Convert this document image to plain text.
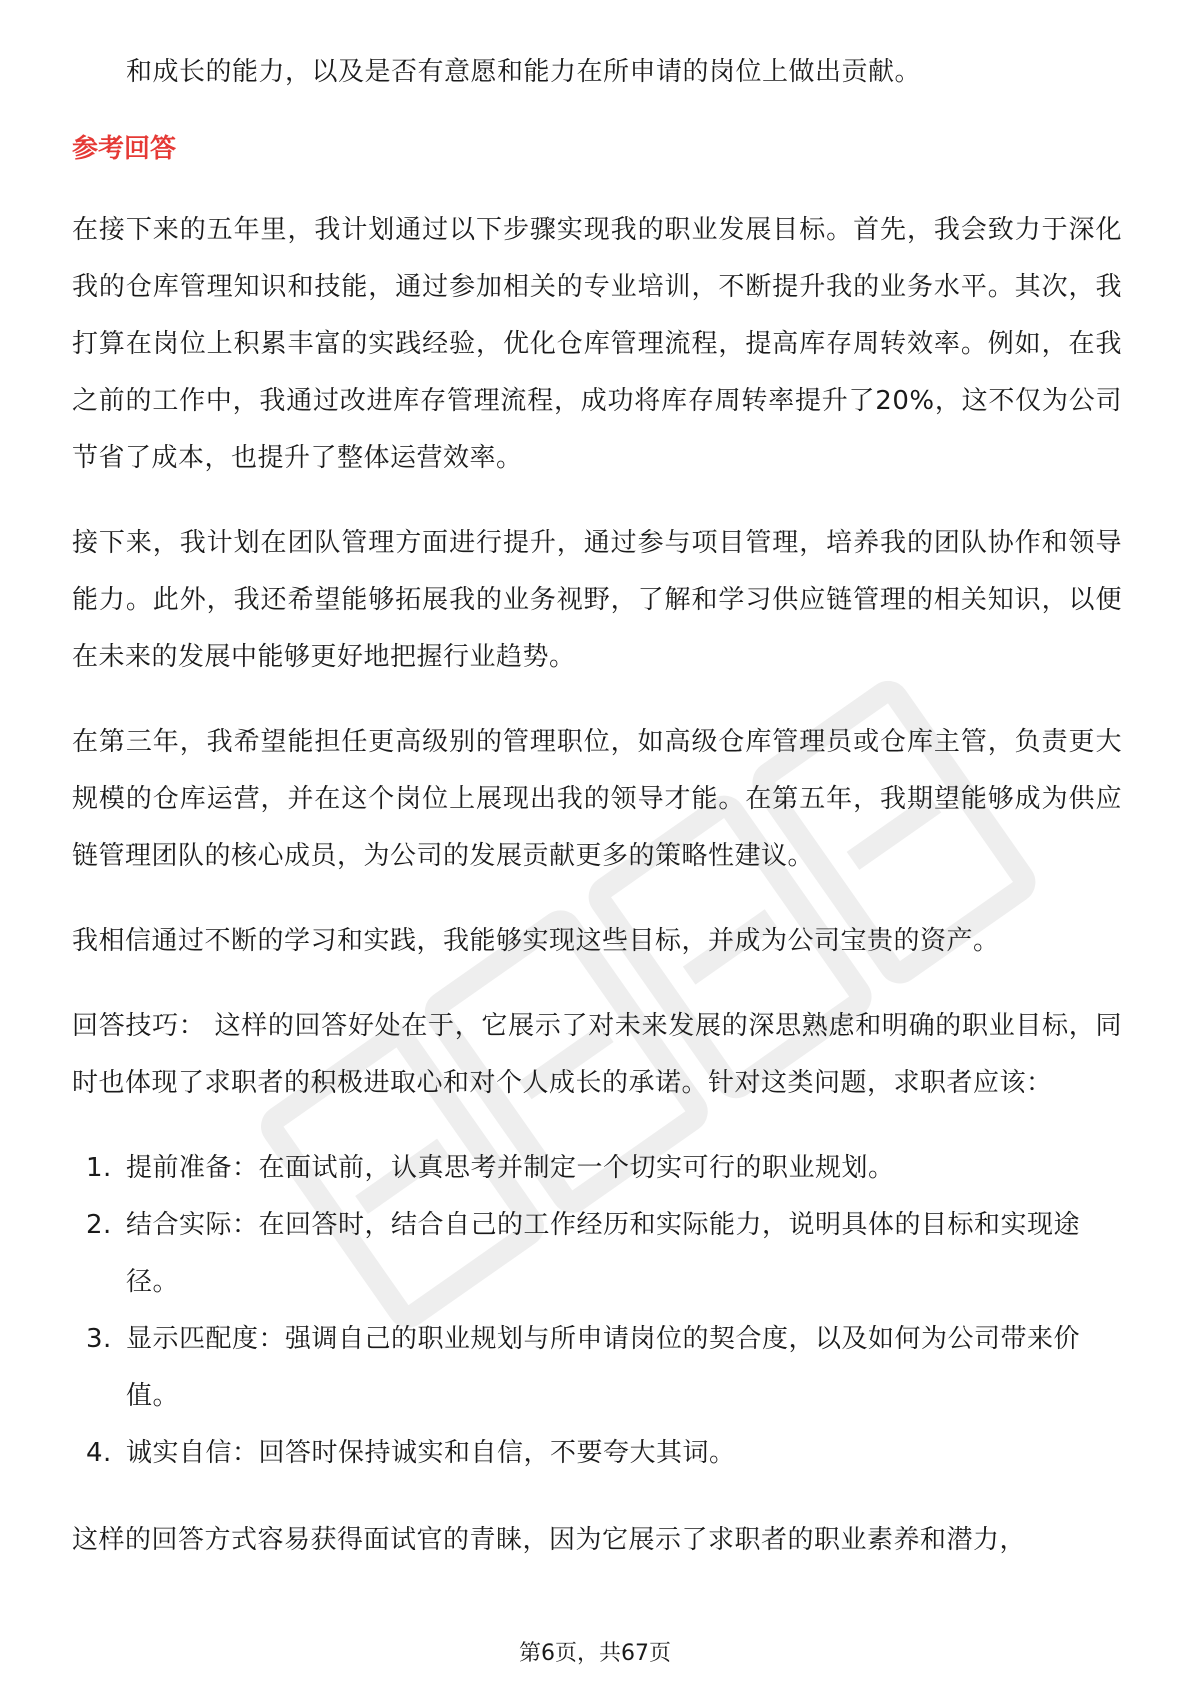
和成长的能力，以及是否有意愿和能力在所申请的岗位上做出贡献。

参考回答

在接下来的五年里，我计划通过以下步骤实现我的职业发展目标。首先，我会致力于深化我的仓库管理知识和技能，通过参加相关的专业培训，不断提升我的业务水平。其次，我打算在岗位上积累丰富的实践经验，优化仓库管理流程，提高库存周转效率。例如，在我之前的工作中，我通过改进库存管理流程，成功将库存周转率提升了20%，这不仅为公司节省了成本，也提升了整体运营效率。

接下来，我计划在团队管理方面进行提升，通过参与项目管理，培养我的团队协作和领导能力。此外，我还希望能够拓展我的业务视野，了解和学习供应链管理的相关知识，以便在未来的发展中能够更好地把握行业趋势。

在第三年，我希望能担任更高级别的管理职位，如高级仓库管理员或仓库主管，负责更大规模的仓库运营，并在这个岗位上展现出我的领导才能。在第五年，我期望能够成为供应链管理团队的核心成员，为公司的发展贡献更多的策略性建议。

我相信通过不断的学习和实践，我能够实现这些目标，并成为公司宝贵的资产。

回答技巧： 这样的回答好处在于，它展示了对未来发展的深思熟虑和明确的职业目标，同时也体现了求职者的积极进取心和对个人成长的承诺。针对这类问题，求职者应该：

1. 提前准备：在面试前，认真思考并制定一个切实可行的职业规划。
2. 结合实际：在回答时，结合自己的工作经历和实际能力，说明具体的目标和实现途径。
3. 显示匹配度：强调自己的职业规划与所申请岗位的契合度，以及如何为公司带来价值。
4. 诚实自信：回答时保持诚实和自信，不要夸大其词。

这样的回答方式容易获得面试官的青睐，因为它展示了求职者的职业素养和潜力，

第6页，共67页
